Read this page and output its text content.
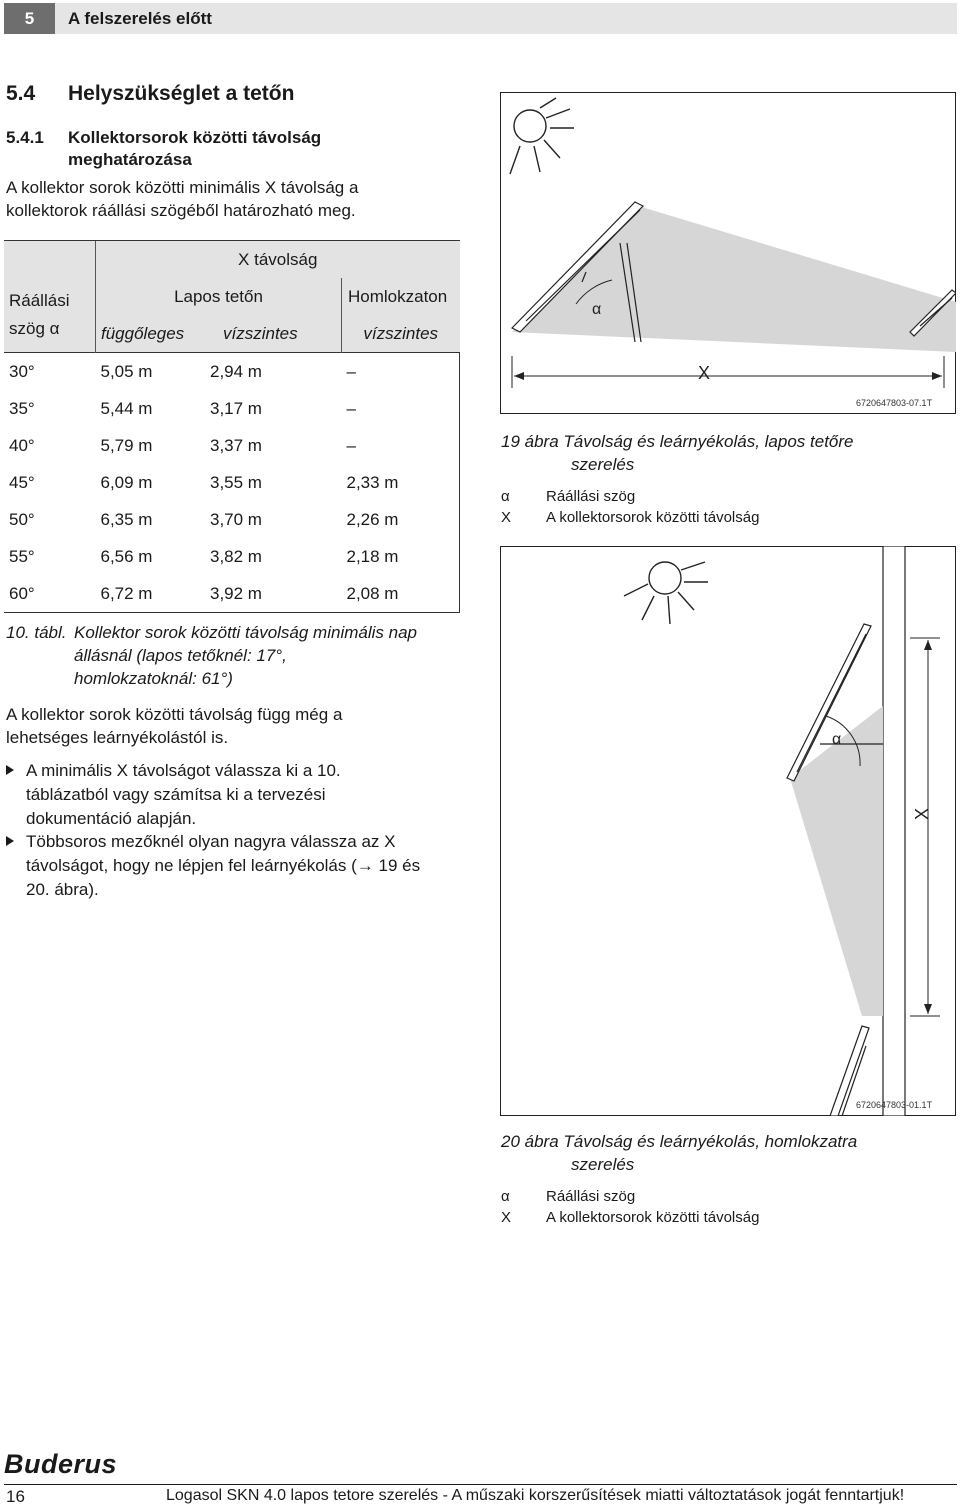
5	A felszerelés előtt
5.4 Helyszükséglet a tetőn
5.4.1 Kollektorsorok közötti távolság
meghatározása
A kollektor sorok közötti minimális X távolság a
kollektorok ráállási szögéből határozható meg.
	X távolság		

Ráállási
szög α	Lapos tetőn		Homlokzaton
	függőleges	vízszintes	vízszintes
30°	5,05 m	2,94 m	–
35°	5,44 m	3,17 m	–
40°	5,79 m	3,37 m	–
45°	6,09 m	3,55 m	2,33 m
50°	6,35 m	3,70 m	2,26 m
55°	6,56 m	3,82 m	2,18 m
60°	6,72 m	3,92 m	2,08 m
10. tábl. Kollektor sorok közötti távolság minimális nap
állásnál (lapos tetőknél: 17°,
homlokzatoknál: 61°)
A kollektor sorok közötti távolság függ még a
lehetséges leárnyékolástól is.
A minimális X távolságot válassza ki a 10.
táblázatból vagy számítsa ki a tervezési
dokumentáció alapján.
Többsoros mezőknél olyan nagyra válassza az X
távolságot, hogy ne lépjen fel leárnyékolás (→ 19 és
20. ábra).
α
X
6720647803-07.1T
19 ábra Távolság és leárnyékolás, lapos tetőre
szerelés
α Ráállási szög
X A kollektorsorok közötti távolság
α
X
6720647803-01.1T
20 ábra Távolság és leárnyékolás, homlokzatra
szerelés
α Ráállási szög
X A kollektorsorok közötti távolság
Buderus
16	Logasol SKN 4.0 lapos tetore szerelés - A műszaki korszerűsítések miatti változtatások jogát fenntartjuk!
